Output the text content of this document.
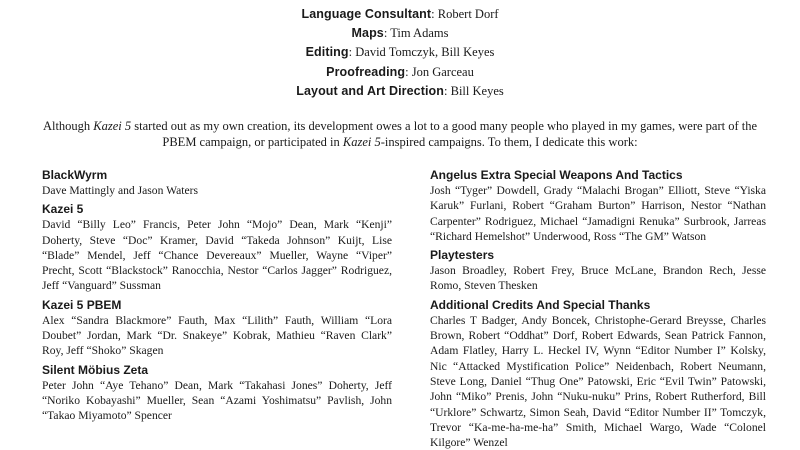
Language Consultant: Robert Dorf
Maps: Tim Adams
Editing: David Tomczyk, Bill Keyes
Proofreading: Jon Garceau
Layout and Art Direction: Bill Keyes
Although Kazei 5 started out as my own creation, its development owes a lot to a good many people who played in my games, were part of the PBEM campaign, or participated in Kazei 5-inspired campaigns. To them, I dedicate this work:
BlackWyrm
Dave Mattingly and Jason Waters
Kazei 5
David “Billy Leo” Francis, Peter John “Mojo” Dean, Mark “Kenji” Doherty, Steve “Doc” Kramer, David “Takeda Johnson” Kuijt, Lise “Blade” Mendel, Jeff “Chance Devereaux” Mueller, Wayne “Viper” Precht, Scott “Blackstock” Ranocchia, Nestor “Carlos Jagger” Rodriguez, Jeff “Vanguard” Sussman
Kazei 5 PBEM
Alex “Sandra Blackmore” Fauth, Max “Lilith” Fauth, William “Lora Doubet” Jordan, Mark “Dr. Snakeye” Kobrak, Mathieu “Raven Clark” Roy, Jeff “Shoko” Skagen
Silent Möbius Zeta
Peter John “Aye Tehano” Dean, Mark “Takahasi Jones” Doherty, Jeff “Noriko Kobayashi” Mueller, Sean “Azami Yoshimatsu” Pavlish, John “Takao Miyamoto” Spencer
Angelus Extra Special Weapons And Tactics
Josh “Tyger” Dowdell, Grady “Malachi Brogan” Elliott, Steve “Yiska Karuk” Furlani, Robert “Graham Burton” Harrison, Nestor “Nathan Carpenter” Rodriguez, Michael “Jamadigni Renuka” Surbrook, Jarreas “Richard Hemelshot” Underwood, Ross “The GM” Watson
Playtesters
Jason Broadley, Robert Frey, Bruce McLane, Brandon Rech, Jesse Romo, Steven Thesken
Additional Credits And Special Thanks
Charles T Badger, Andy Boncek, Christophe-Gerard Breysse, Charles Brown, Robert “Oddhat” Dorf, Robert Edwards, Sean Patrick Fannon, Adam Flatley, Harry L. Heckel IV, Wynn “Editor Number I” Kolsky, Nic “Attacked Mystification Police” Neidenbach, Robert Neumann, Steve Long, Daniel “Thug One” Patowski, Eric “Evil Twin” Patowski, John “Miko” Prenis, John “Nuku-nuku” Prins, Robert Rutherford, Bill “Urklore” Schwartz, Simon Seah, David “Editor Number II” Tomczyk, Trevor “Ka-me-ha-me-ha” Smith, Michael Wargo, Wade “Colonel Kilgore” Wenzel
